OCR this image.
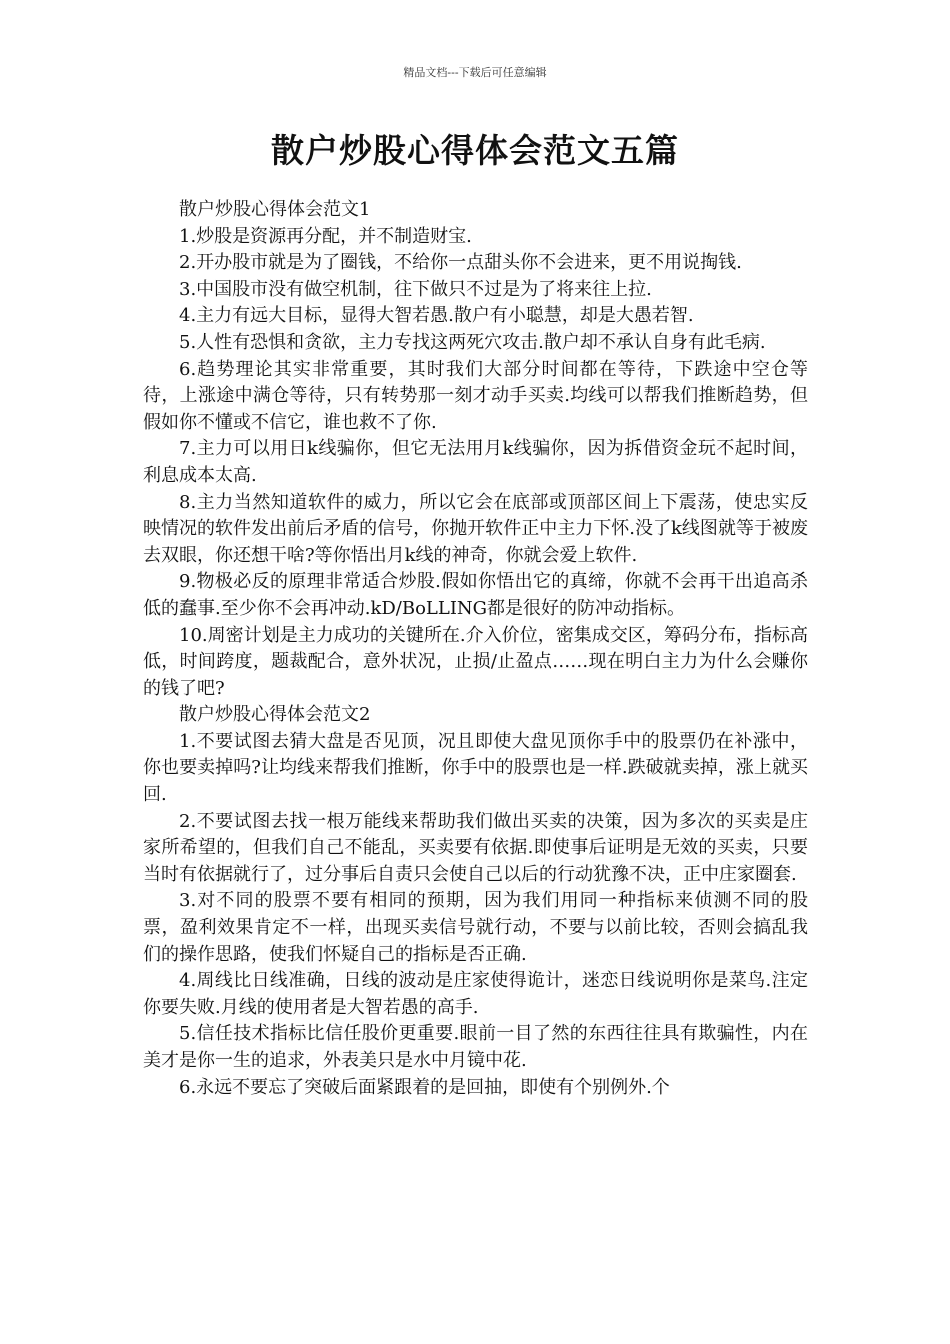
精品文档---下载后可任意编辑
散户炒股心得体会范文五篇

散户炒股心得体会范文1

1.炒股是资源再分配，并不制造财宝.

2.开办股市就是为了圈钱，不给你一点甜头你不会进来，更不用说掏钱.

3.中国股市没有做空机制，往下做只不过是为了将来往上拉.

4.主力有远大目标，显得大智若愚.散户有小聪慧，却是大愚若智.

5.人性有恐惧和贪欲，主力专找这两死穴攻击.散户却不承认自身有此毛病.

6.趋势理论其实非常重要，其时我们大部分时间都在等待，下跌途中空仓等待，上涨途中满仓等待，只有转势那一刻才动手买卖.均线可以帮我们推断趋势，但假如你不懂或不信它，谁也救不了你.

7.主力可以用日k线骗你，但它无法用月k线骗你，因为拆借资金玩不起时间，利息成本太高.

8.主力当然知道软件的威力，所以它会在底部或顶部区间上下震荡，使忠实反映情况的软件发出前后矛盾的信号，你抛开软件正中主力下怀.没了k线图就等于被废去双眼，你还想干啥?等你悟出月k线的神奇，你就会爱上软件.

9.物极必反的原理非常适合炒股.假如你悟出它的真缔，你就不会再干出追高杀低的蠢事.至少你不会再冲动.kD/BoLLING都是很好的防冲动指标。

10.周密计划是主力成功的关键所在.介入价位，密集成交区，筹码分布，指标高低，时间跨度，题裁配合，意外状况，止损/止盈点……现在明白主力为什么会赚你的钱了吧?

散户炒股心得体会范文2

1.不要试图去猜大盘是否见顶，况且即使大盘见顶你手中的股票仍在补涨中，你也要卖掉吗?让均线来帮我们推断，你手中的股票也是一样.跌破就卖掉，涨上就买回.

2.不要试图去找一根万能线来帮助我们做出买卖的决策，因为多次的买卖是庄家所希望的，但我们自己不能乱，买卖要有依据.即使事后证明是无效的买卖，只要当时有依据就行了，过分事后自责只会使自己以后的行动犹豫不决，正中庄家圈套.

3.对不同的股票不要有相同的预期，因为我们用同一种指标来侦测不同的股票，盈利效果肯定不一样，出现买卖信号就行动，不要与以前比较，否则会搞乱我们的操作思路，使我们怀疑自己的指标是否正确.

4.周线比日线准确，日线的波动是庄家使得诡计，迷恋日线说明你是菜鸟.注定你要失败.月线的使用者是大智若愚的高手.

5.信任技术指标比信任股价更重要.眼前一目了然的东西往往具有欺骗性，内在美才是你一生的追求，外表美只是水中月镜中花.

6.永远不要忘了突破后面紧跟着的是回抽，即使有个别例外.个
